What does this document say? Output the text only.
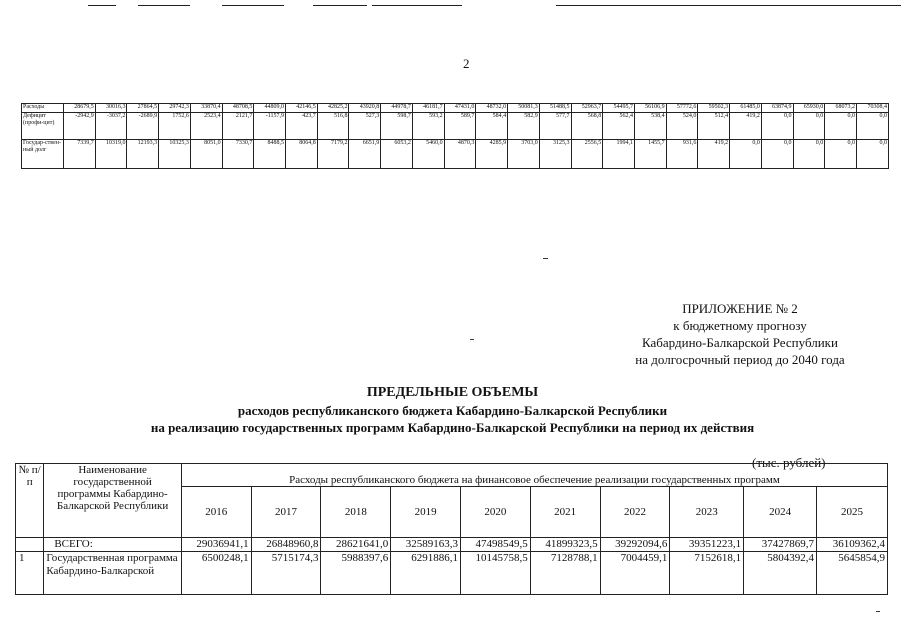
2
Расходы	28679,5	30016,3	27864,5	29742,3	33870,4	48708,5	44809,0	42146,5	42825,2	43920,8	44978,7	46181,7	47431,0	48732,0	50081,3	51488,5	52963,7	54495,7	56106,9	57772,6	59502,3	61485,0	63874,9	65930,0	68073,2	70308,4
Дефицит (профи-цит)	-2942,9	-3037,2	-2689,9	1752,6	2523,4	2121,7	-1157,9	423,7	516,8	527,3	598,7	593,2	589,7	584,4	582,9	577,7	568,8	562,4	538,4	524,0	512,4	419,2	0,0	0,0	0,0	0,0
Государ-ствен-ный долг	7339,7	10319,0	12193,3	10325,3	8051,0	7330,7	8488,5	8064,8	7179,2	6651,9	6053,2	5460,0	4870,3	4285,9	3703,0	3125,3	2556,5	1994,1	1455,7	931,6	419,2	0,0	0,0	0,0	0,0	0,0
ПРИЛОЖЕНИЕ № 2
к бюджетному прогнозу
Кабардино-Балкарской Республики
на долгосрочный период до 2040 года
ПРЕДЕЛЬНЫЕ ОБЪЕМЫ
расходов республиканского бюджета Кабардино-Балкарской Республики
на реализацию государственных программ Кабардино-Балкарской Республики на период их действия
(тыс. рублей)
№ п/п	Наименование государственной программы Кабардино-Балкарской Республики	Расходы республиканского бюджета на финансовое обеспечение реализации государственных программ									
		2016	2017	2018	2019	2020	2021	2022	2023	2024	2025
	ВСЕГО:	29036941,1	26848960,8	28621641,0	32589163,3	47498549,5	41899323,5	39292094,6	39351223,1	37427869,7	36109362,4
1	Государственная программа Кабардино-Балкарской	6500248,1	5715174,3	5988397,6	6291886,1	10145758,5	7128788,1	7004459,1	7152618,1	5804392,4	5645854,9
